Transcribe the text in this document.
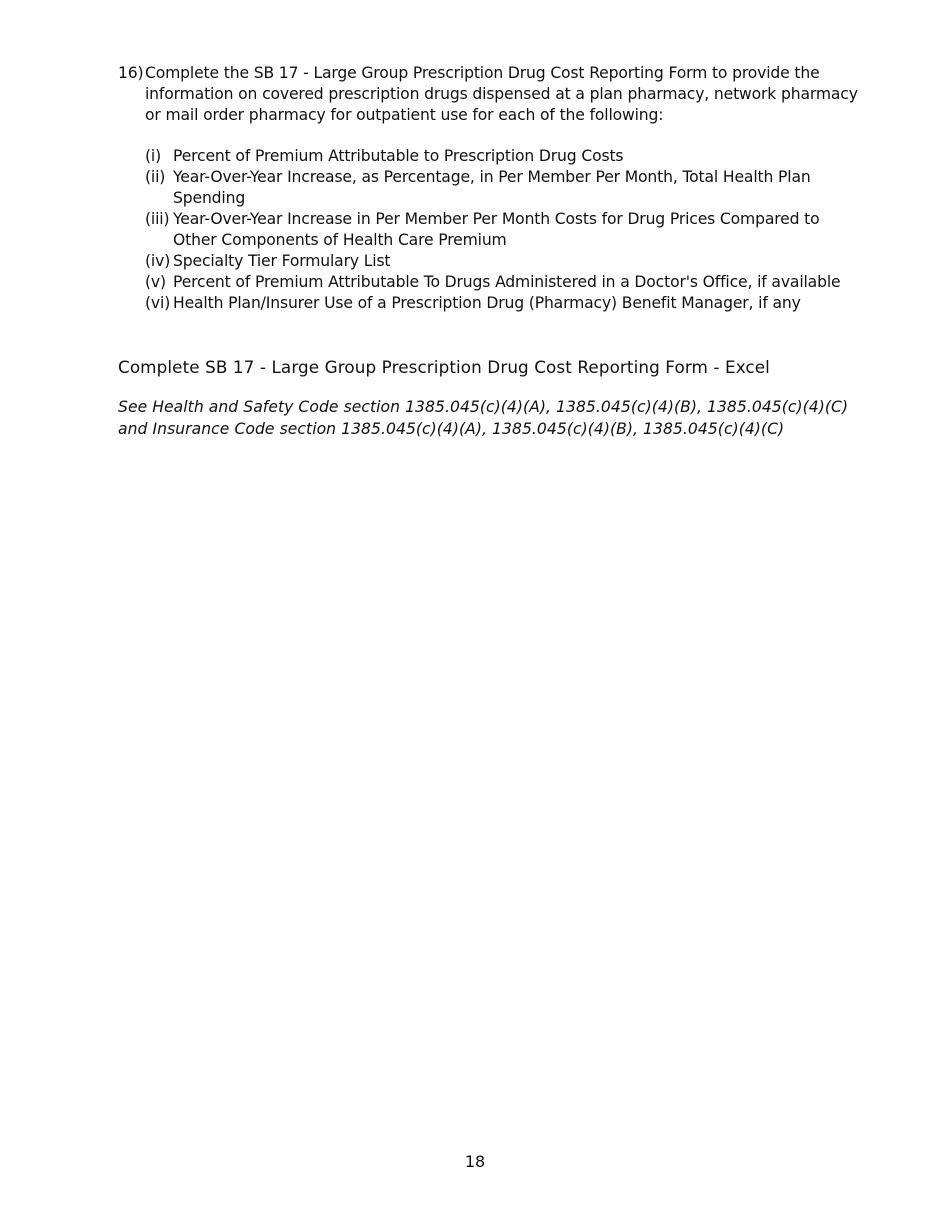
16) Complete the SB 17 - Large Group Prescription Drug Cost Reporting Form to provide the information on covered prescription drugs dispensed at a plan pharmacy, network pharmacy or mail order pharmacy for outpatient use for each of the following:
(i) Percent of Premium Attributable to Prescription Drug Costs
(ii) Year-Over-Year Increase, as Percentage, in Per Member Per Month, Total Health Plan Spending
(iii) Year-Over-Year Increase in Per Member Per Month Costs for Drug Prices Compared to Other Components of Health Care Premium
(iv) Specialty Tier Formulary List
(v) Percent of Premium Attributable To Drugs Administered in a Doctor's Office, if available
(vi) Health Plan/Insurer Use of a Prescription Drug (Pharmacy) Benefit Manager, if any
Complete SB 17 - Large Group Prescription Drug Cost Reporting Form - Excel
See Health and Safety Code section 1385.045(c)(4)(A), 1385.045(c)(4)(B), 1385.045(c)(4)(C) and Insurance Code section 1385.045(c)(4)(A), 1385.045(c)(4)(B), 1385.045(c)(4)(C)
18
